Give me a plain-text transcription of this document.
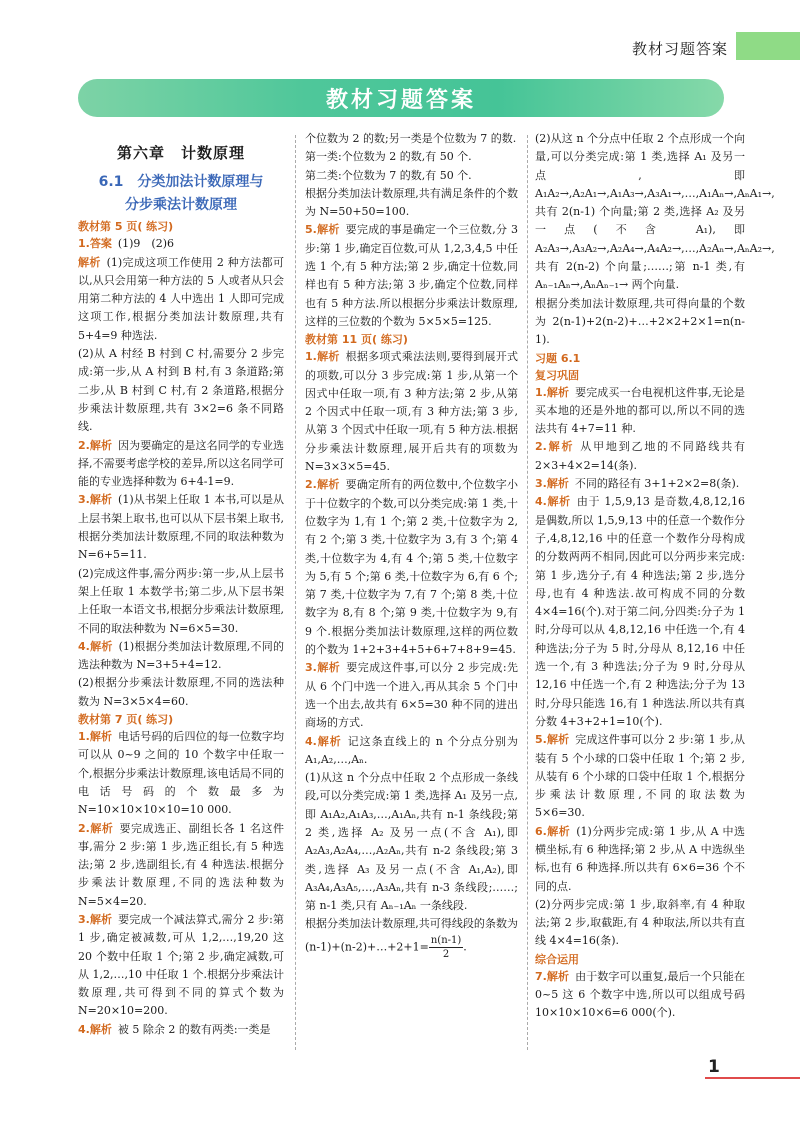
教材习题答案
教材习题答案
第六章　计数原理
6.1　分类加法计数原理与
分步乘法计数原理
教材第 5 页( 练习)

1.答案 (1)9　(2)6

解析 (1)完成这项工作使用 2 种方法都可以,从只会用第一种方法的 5 人或者从只会用第二种方法的 4 人中选出 1 人即可完成这项工作,根据分类加法计数原理,共有 5+4=9 种选法.

(2)从 A 村经 B 村到 C 村,需要分 2 步完成:第一步,从 A 村到 B 村,有 3 条道路;第二步,从 B 村到 C 村,有 2 条道路,根据分步乘法计数原理,共有 3×2=6 条不同路线.

2.解析 因为要确定的是这名同学的专业选择,不需要考虑学校的差异,所以这名同学可能的专业选择种数为 6+4-1=9.

3.解析 (1)从书架上任取 1 本书,可以是从上层书架上取书,也可以从下层书架上取书,根据分类加法计数原理,不同的取法种数为 N=6+5=11.

(2)完成这件事,需分两步:第一步,从上层书架上任取 1 本数学书;第二步,从下层书架上任取一本语文书,根据分步乘法计数原理,不同的取法种数为 N=6×5=30.

4.解析 (1)根据分类加法计数原理,不同的选法种数为 N=3+5+4=12.

(2)根据分步乘法计数原理,不同的选法种数为 N=3×5×4=60.

教材第 7 页( 练习)

1.解析 电话号码的后四位的每一位数字均可以从 0~9 之间的 10 个数字中任取一个,根据分步乘法计数原理,该电话局不同的电话号码的个数最多为 N=10×10×10×10=10 000.

2.解析 要完成选正、副组长各 1 名这件事,需分 2 步:第 1 步,选正组长,有 5 种选法;第 2 步,选副组长,有 4 种选法.根据分步乘法计数原理,不同的选法种数为 N=5×4=20.

3.解析 要完成一个减法算式,需分 2 步:第 1 步,确定被减数,可从 1,2,…,19,20 这 20 个数中任取 1 个;第 2 步,确定减数,可从 1,2,…,10 中任取 1 个.根据分步乘法计数原理,共可得到不同的算式个数为 N=20×10=200.

4.解析 被 5 除余 2 的数有两类:一类是

个位数为 2 的数;另一类是个位数为 7 的数.

第一类:个位数为 2 的数,有 50 个.

第二类:个位数为 7 的数,有 50 个.

根据分类加法计数原理,共有满足条件的个数为 N=50+50=100.

5.解析 要完成的事是确定一个三位数,分 3 步:第 1 步,确定百位数,可从 1,2,3,4,5 中任选 1 个,有 5 种方法;第 2 步,确定十位数,同样也有 5 种方法;第 3 步,确定个位数,同样也有 5 种方法.所以根据分步乘法计数原理,这样的三位数的个数为 5×5×5=125.

教材第 11 页( 练习)

1.解析 根据多项式乘法法则,要得到展开式的项数,可以分 3 步完成:第 1 步,从第一个因式中任取一项,有 3 种方法;第 2 步,从第 2 个因式中任取一项,有 3 种方法;第 3 步,从第 3 个因式中任取一项,有 5 种方法.根据分步乘法计数原理,展开后共有的项数为 N=3×3×5=45.

2.解析 要确定所有的两位数中,个位数字小于十位数字的个数,可以分类完成:第 1 类,十位数字为 1,有 1 个;第 2 类,十位数字为 2,有 2 个;第 3 类,十位数字为 3,有 3 个;第 4 类,十位数字为 4,有 4 个;第 5 类,十位数字为 5,有 5 个;第 6 类,十位数字为 6,有 6 个;第 7 类,十位数字为 7,有 7 个;第 8 类,十位数字为 8,有 8 个;第 9 类,十位数字为 9,有 9 个.根据分类加法计数原理,这样的两位数的个数为 1+2+3+4+5+6+7+8+9=45.

3.解析 要完成这件事,可以分 2 步完成:先从 6 个门中选一个进入,再从其余 5 个门中选一个出去,故共有 6×5=30 种不同的进出商场的方式.

4.解析 记这条直线上的 n 个分点分别为 A₁,A₂,…,Aₙ.

(1)从这 n 个分点中任取 2 个点形成一条线段,可以分类完成:第 1 类,选择 A₁ 及另一点,即 A₁A₂,A₁A₃,…,A₁Aₙ,共有 n-1 条线段;第 2 类,选择 A₂ 及另一点(不含 A₁),即 A₂A₃,A₂A₄,…,A₂Aₙ,共有 n-2 条线段;第 3 类,选择 A₃ 及另一点(不含 A₁,A₂),即 A₃A₄,A₃A₅,…,A₃Aₙ,共有 n-3 条线段;……;第 n-1 类,只有 Aₙ₋₁Aₙ 一条线段.

根据分类加法计数原理,共可得线段的条数为 (n-1)+(n-2)+…+2+1= $\frac{n(n-1)}{2}$ .

(2)从这 n 个分点中任取 2 个点形成一个向量,可以分类完成:第 1 类,选择 A₁ 及另一点,即 A₁A₂→,A₂A₁→,A₁A₃→,A₃A₁→,…,A₁Aₙ→,AₙA₁→,共有 2(n-1) 个向量;第 2 类,选择 A₂ 及另一点(不含 A₁),即 A₂A₃→,A₃A₂→,A₂A₄→,A₄A₂→,…,A₂Aₙ→,AₙA₂→,共有 2(n-2) 个向量;……;第 n-1 类,有 Aₙ₋₁Aₙ→,AₙAₙ₋₁→ 两个向量.

根据分类加法计数原理,共可得向量的个数为 2(n-1)+2(n-2)+…+2×2+2×1=n(n-1).

习题 6.1
复习巩固

1.解析 要完成买一台电视机这件事,无论是买本地的还是外地的都可以,所以不同的选法共有 4+7=11 种.

2.解析 从甲地到乙地的不同路线共有 2×3+4×2=14(条).

3.解析 不同的路径有 3+1+2×2=8(条).

4.解析 由于 1,5,9,13 是奇数,4,8,12,16 是偶数,所以 1,5,9,13 中的任意一个数作分子,4,8,12,16 中的任意一个数作分母构成的分数两两不相同,因此可以分两步来完成:第 1 步,选分子,有 4 种选法;第 2 步,选分母,也有 4 种选法.故可构成不同的分数 4×4=16(个).对于第二问,分四类:分子为 1 时,分母可以从 4,8,12,16 中任选一个,有 4 种选法;分子为 5 时,分母从 8,12,16 中任选一个,有 3 种选法;分子为 9 时,分母从 12,16 中任选一个,有 2 种选法;分子为 13 时,分母只能选 16,有 1 种选法.所以共有真分数 4+3+2+1=10(个).

5.解析 完成这件事可以分 2 步:第 1 步,从装有 5 个小球的口袋中任取 1 个;第 2 步,从装有 6 个小球的口袋中任取 1 个,根据分步乘法计数原理,不同的取法数为 5×6=30.

6.解析 (1)分两步完成:第 1 步,从 A 中选横坐标,有 6 种选择;第 2 步,从 A 中选纵坐标,也有 6 种选择.所以共有 6×6=36 个不同的点.

(2)分两步完成:第 1 步,取斜率,有 4 种取法;第 2 步,取截距,有 4 种取法,所以共有直线 4×4=16(条).

综合运用

7.解析 由于数字可以重复,最后一个只能在 0~5 这 6 个数字中选,所以可以组成号码 10×10×10×6=6 000(个).

1
